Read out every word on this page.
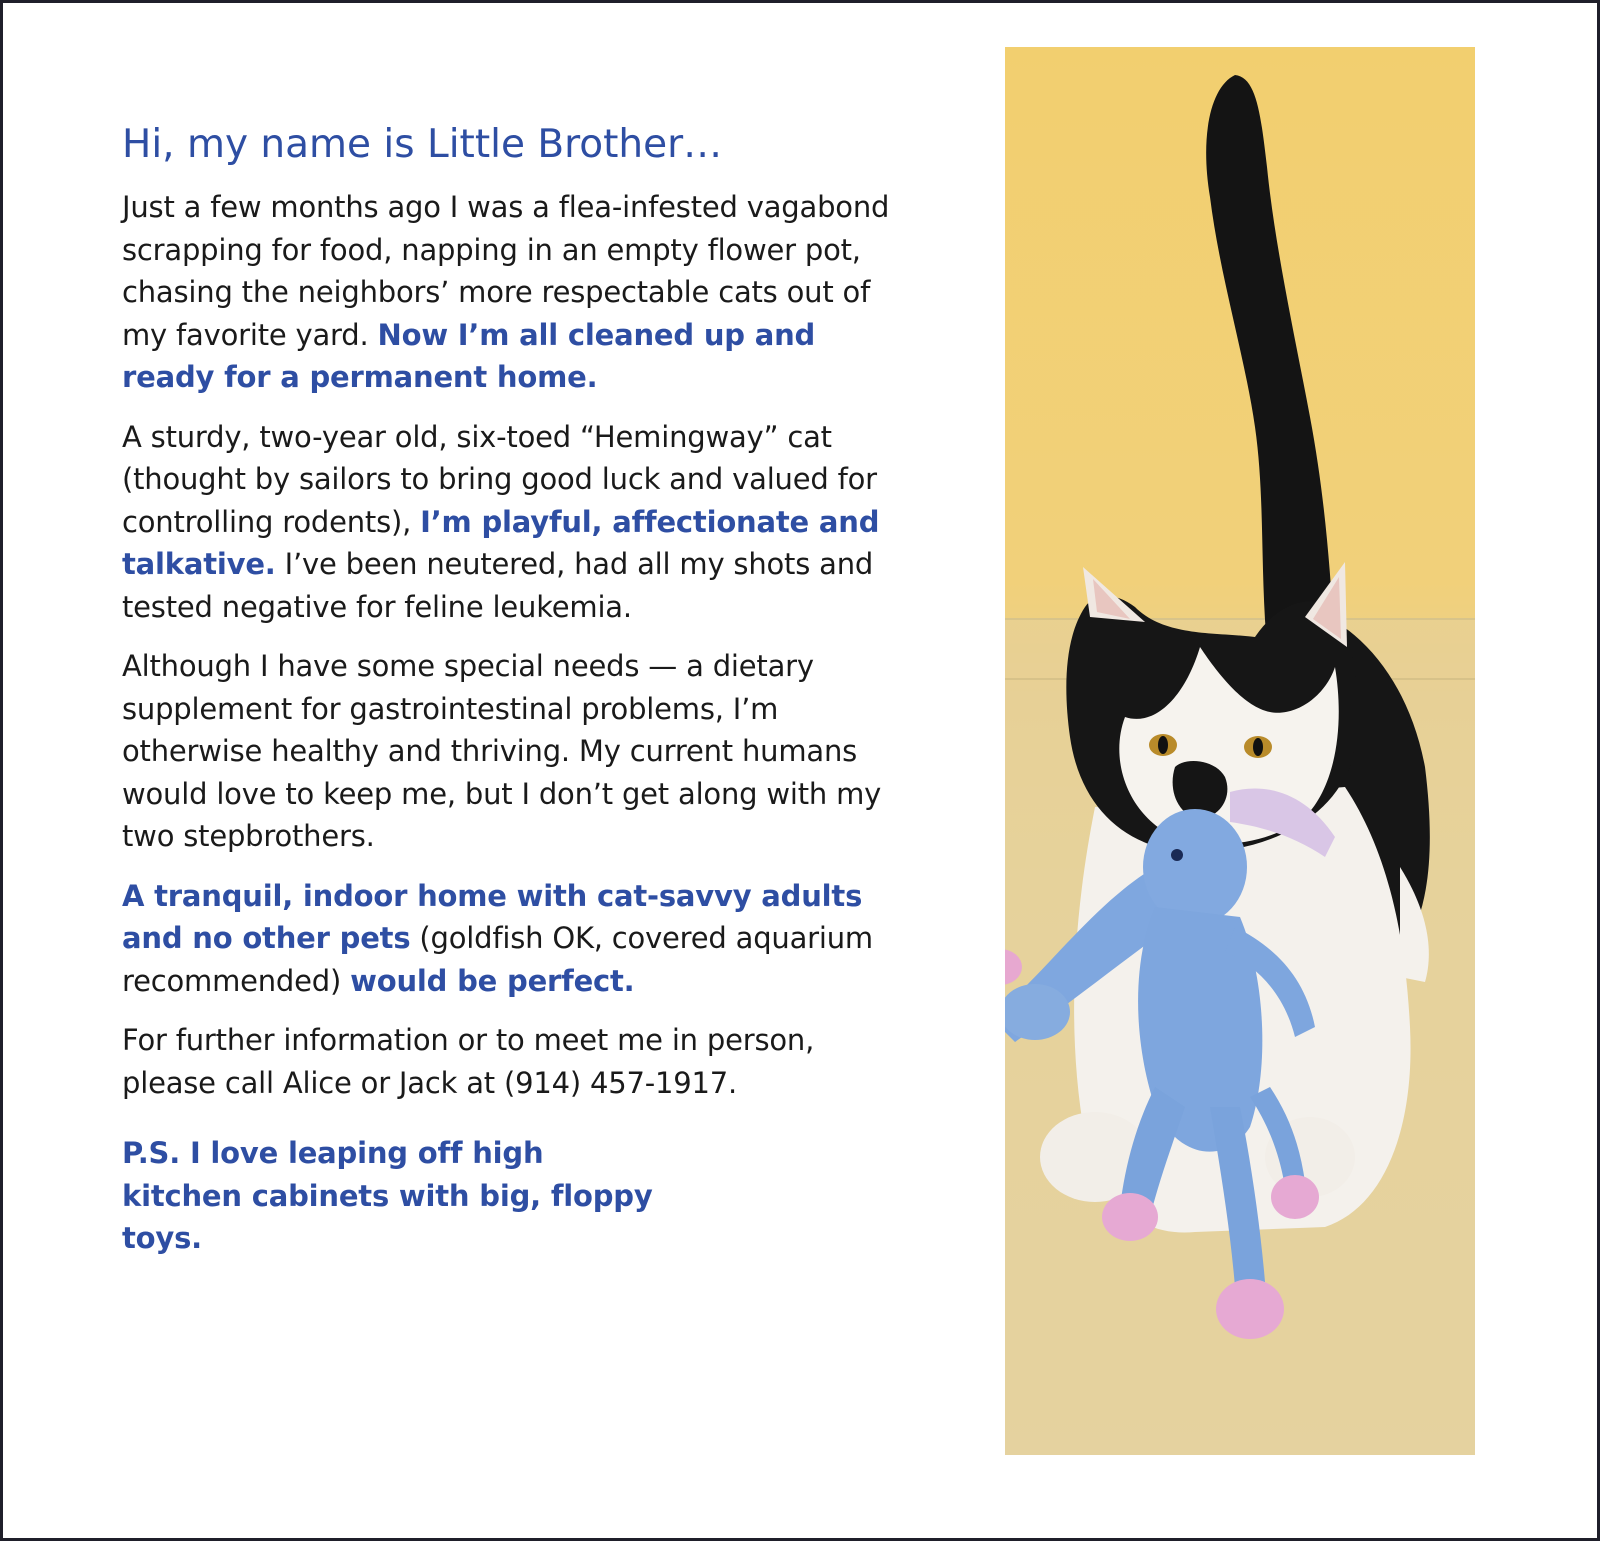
Hi, my name is Little Brother…

Just a few months ago I was a flea-infested vagabond scrapping for food, napping in an empty flower pot, chasing the neighbors’ more respectable cats out of my favorite yard. Now I’m all cleaned up and ready for a permanent home.

A sturdy, two-year old, six-toed “Hemingway” cat (thought by sailors to bring good luck and valued for controlling rodents), I’m playful, affectionate and talkative. I’ve been neutered, had all my shots and tested negative for feline leukemia.

Although I have some special needs — a dietary supplement for gastrointestinal problems, I’m otherwise healthy and thriving. My current humans would love to keep me, but I don’t get along with my two stepbrothers.

A tranquil, indoor home with cat-savvy adults and no other pets (goldfish OK, covered aquarium recommended) would be perfect.

For further information or to meet me in person, please call Alice or Jack at (914) 457-1917.

P.S. I love leaping off high kitchen cabinets with big, floppy toys.
